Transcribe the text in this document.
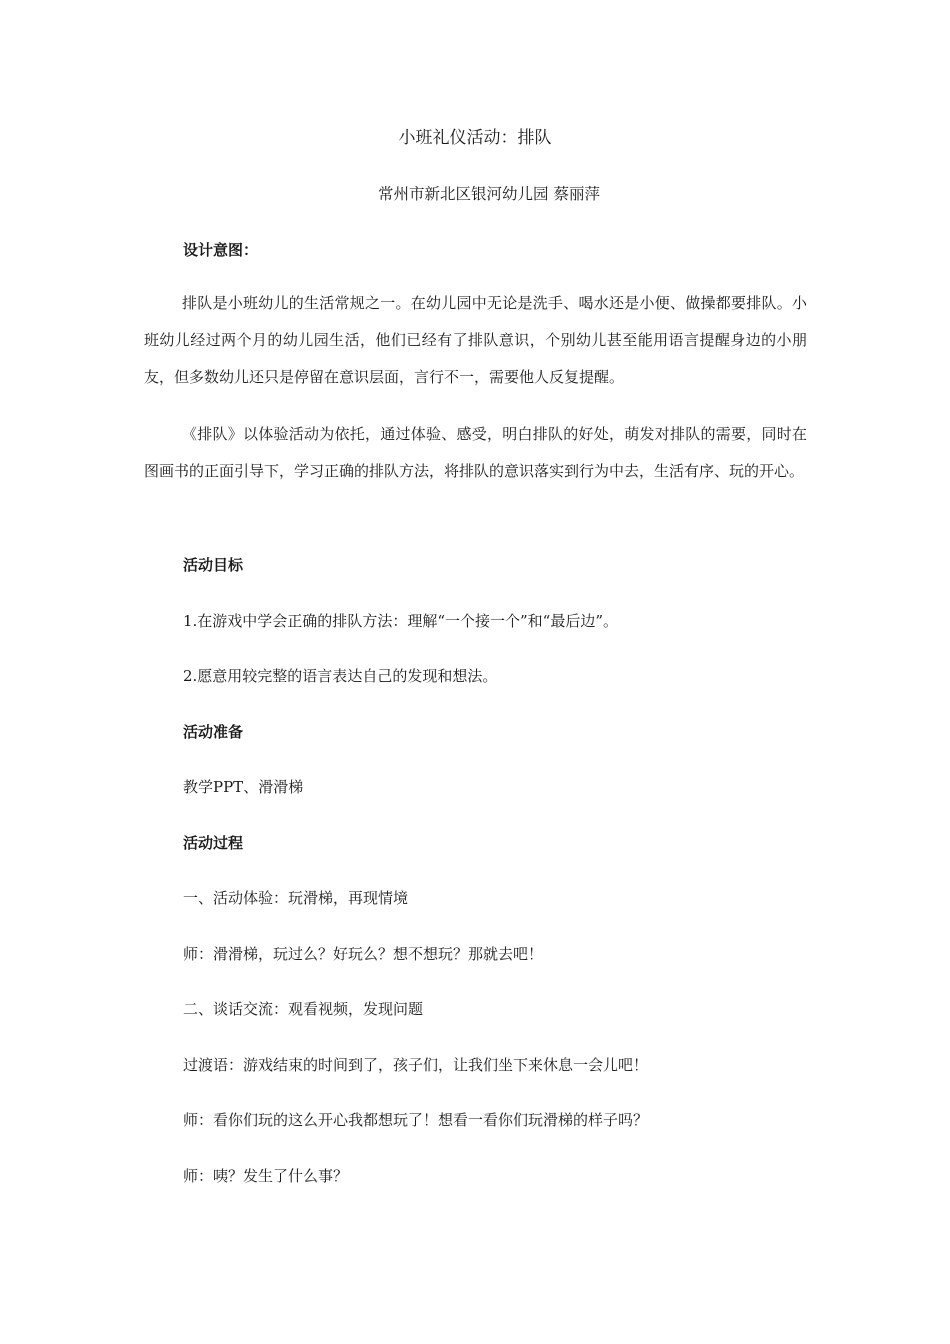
小班礼仪活动：排队

常州市新北区银河幼儿园 蔡丽萍

设计意图：

排队是小班幼儿的生活常规之一。在幼儿园中无论是洗手、喝水还是小便、做操都要排队。小班幼儿经过两个月的幼儿园生活，他们已经有了排队意识，个别幼儿甚至能用语言提醒身边的小朋友，但多数幼儿还只是停留在意识层面，言行不一，需要他人反复提醒。

《排队》以体验活动为依托，通过体验、感受，明白排队的好处，萌发对排队的需要，同时在图画书的正面引导下，学习正确的排队方法，将排队的意识落实到行为中去，生活有序、玩的开心。

活动目标

1.在游戏中学会正确的排队方法：理解“一个接一个”和“最后边”。

2.愿意用较完整的语言表达自己的发现和想法。

活动准备

教学PPT、滑滑梯

活动过程

一、活动体验：玩滑梯，再现情境

师：滑滑梯，玩过么？好玩么？想不想玩？那就去吧！

二、谈话交流：观看视频，发现问题

过渡语：游戏结束的时间到了，孩子们，让我们坐下来休息一会儿吧！

师：看你们玩的这么开心我都想玩了！想看一看你们玩滑梯的样子吗？

师：咦？发生了什么事？
